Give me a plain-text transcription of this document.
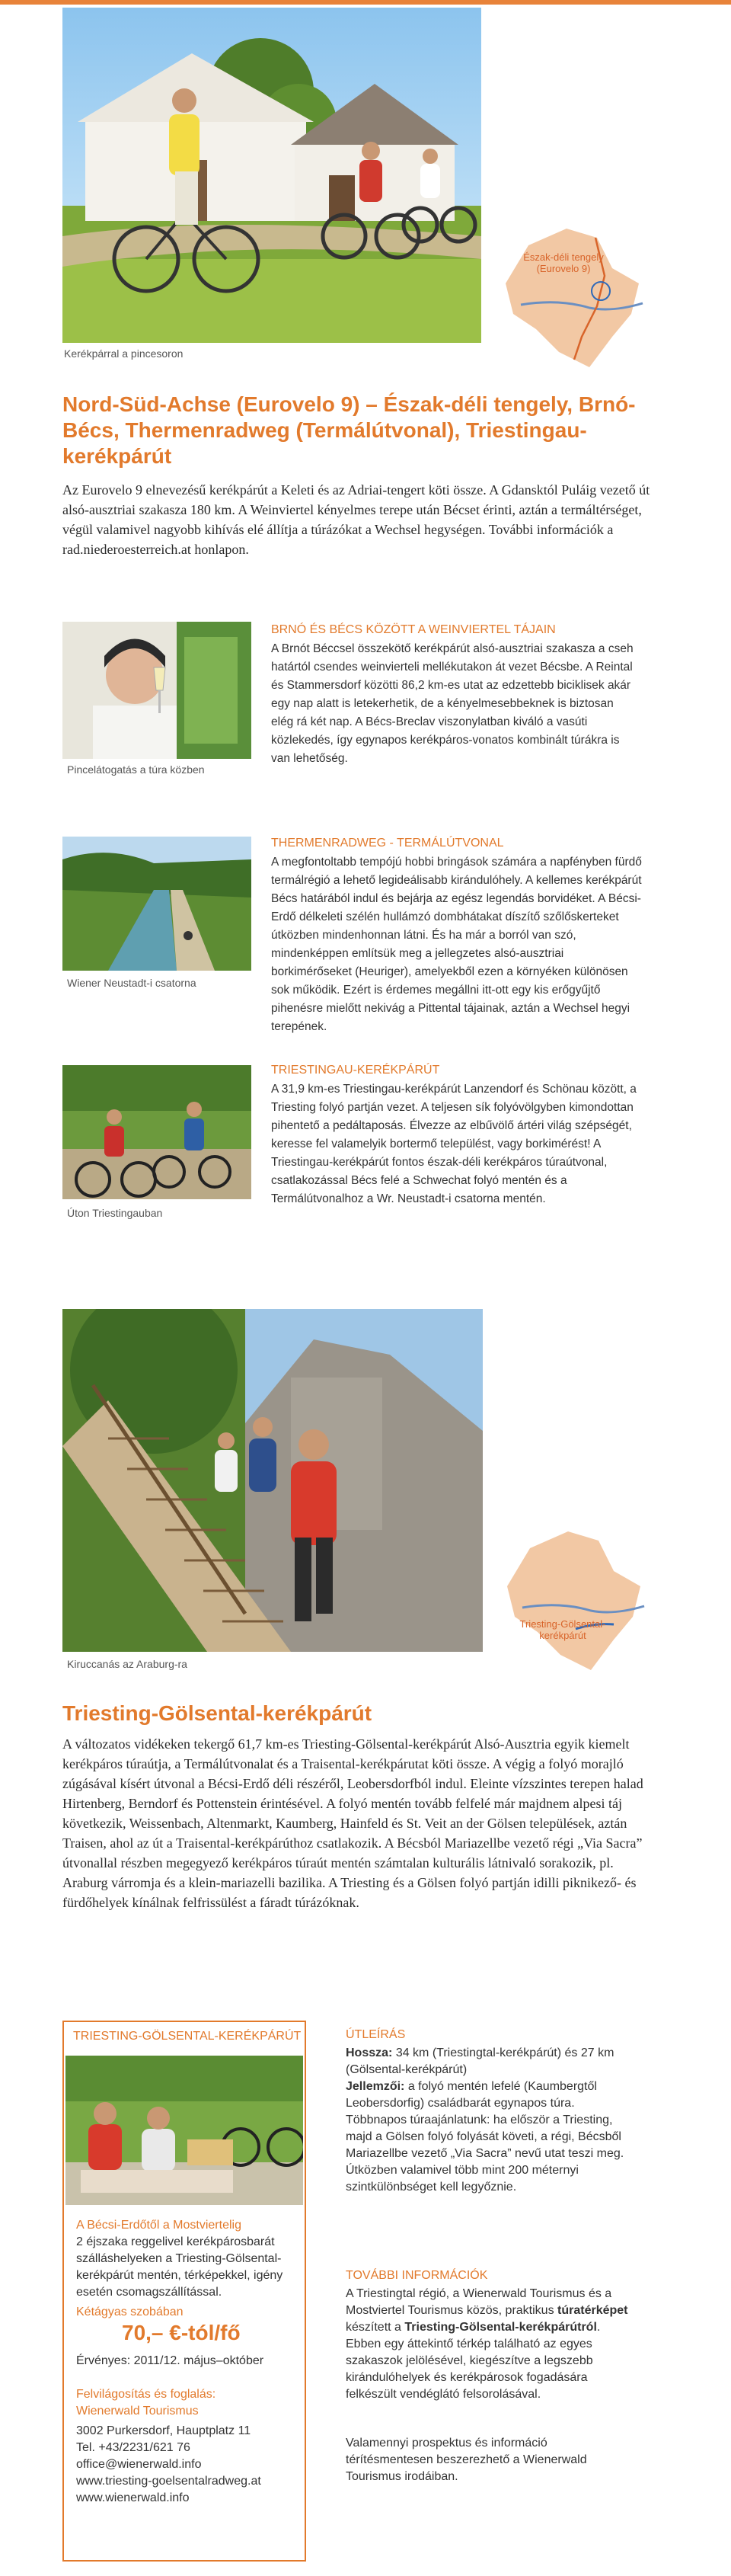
Kerékpárral a pincesoron
Észak-déli tengely (Eurovelo 9)
Nord-Süd-Achse (Eurovelo 9) – Észak-déli tengely, Brnó-Bécs, Thermenradweg (Termálútvonal), Triestingau-kerékpárút
Az Eurovelo 9 elnevezésű kerékpárút a Keleti és az Adriai-tengert köti össze. A Gdansktól Puláig vezető út alsó-ausztriai szakasza 180 km. A Weinviertel kényelmes terepe után Bécset érinti, aztán a termáltérséget, végül valamivel nagyobb kihívás elé állítja a túrázókat a Wechsel hegységen. További információk a rad.niederoesterreich.at honlapon.
Pincelátogatás a túra közben
BRNÓ ÉS BÉCS KÖZÖTT A WEINVIERTEL TÁJAIN
A Brnót Béccsel összekötő kerékpárút alsó-ausztriai szakasza a cseh határtól csendes weinvierteli mellékutakon át vezet Bécsbe. A Reintal és Stammersdorf közötti 86,2 km-es utat az edzettebb biciklisek akár egy nap alatt is letekerhetik, de a kényelmesebbeknek is biztosan elég rá két nap. A Bécs-Breclav viszonylatban kiváló a vasúti közlekedés, így egynapos kerékpáros-vonatos kombinált túrákra is van lehetőség.
Wiener Neustadt-i csatorna
Úton Triestingauban
THERMENRADWEG - TERMÁLÚTVONAL
A megfontoltabb tempójú hobbi bringások számára a napfényben fürdő termálrégió a lehető legideálisabb kirándulóhely. A kellemes kerékpárút Bécs határából indul és bejárja az egész legendás borvidéket. A Bécsi-Erdő délkeleti szélén hullámzó dombhátakat díszítő szőlőskerteket útközben mindenhonnan látni. És ha már a borról van szó, mindenképpen említsük meg a jellegzetes alsó-ausztriai borkimérőseket (Heuriger), amelyekből ezen a környéken különösen sok működik. Ezért is érdemes megállni itt-ott egy kis erőgyűjtő pihenésre mielőtt nekivág a Pittental tájainak, aztán a Wechsel hegyi terepének.
TRIESTINGAU-KERÉKPÁRÚT
A 31,9 km-es Triestingau-kerékpárút Lanzendorf és Schönau között, a Triesting folyó partján vezet. A teljesen sík folyóvölgyben kimondottan pihentető a pedáltaposás. Élvezze az elbűvölő ártéri világ szépségét, keresse fel valamelyik bortermő települést, vagy borkimérést! A Triestingau-kerékpárút fontos észak-déli kerékpáros túraútvonal, csatlakozással Bécs felé a Schwechat folyó mentén és a Termálútvonalhoz a Wr. Neustadt-i csatorna mentén.
Kiruccanás az Araburg-ra
Triesting-Gölsental-kerékpárút
Triesting-Gölsental-kerékpárút
A változatos vidékeken tekergő 61,7 km-es Triesting-Gölsental-kerékpárút Alsó-Ausztria egyik kiemelt kerékpáros túraútja, a Termálútvonalat és a Traisental-kerékpárutat köti össze. A végig a folyó morajló zúgásával kísért útvonal a Bécsi-Erdő déli részéről, Leobersdorfból indul. Eleinte vízszintes terepen halad Hirtenberg, Berndorf és Pottenstein érintésével. A folyó mentén tovább felfelé már majdnem alpesi táj következik, Weissenbach, Altenmarkt, Kaumberg, Hainfeld és St. Veit an der Gölsen települések, aztán Traisen, ahol az út a Traisental-kerékpárúthoz csatlakozik. A Bécsból Mariazellbe vezető régi „Via Sacra” útvonallal részben megegyező kerékpáros túraút mentén számtalan kulturális látnivaló sorakozik, pl. Araburg várromja és a klein-mariazelli bazilika. A Triesting és a Gölsen folyó partján idilli piknikező- és fürdőhelyek kínálnak felfrissülést a fáradt túrázóknak.
TRIESTING-GÖLSENTAL-KERÉKPÁRÚT
A Bécsi-Erdőtől a Mostviertelig
2 éjszaka reggelivel kerékpárosbarát szálláshelyeken a Triesting-Gölsental-kerékpárút mentén, térképekkel, igény esetén csomagszállítással.
Kétágyas szobában
70,– €-tól/fő
Érvényes: 2011/12. május–október
Felvilágosítás és foglalás:
Wienerwald Tourismus
3002 Purkersdorf, Hauptplatz 11
Tel. +43/2231/621 76
office@wienerwald.info
www.triesting-goelsentalradweg.at
www.wienerwald.info
ÚTLEÍRÁS
Hossza: 34 km (Triestingtal-kerékpárút) és 27 km (Gölsental-kerékpárút)
Jellemzői: a folyó mentén lefelé (Kaumbergtől Leobersdorfig) családbarát egynapos túra. Többnapos túraajánlatunk: ha először a Triesting, majd a Gölsen folyó folyását követi, a régi, Bécsből Mariazellbe vezető „Via Sacra” nevű utat teszi meg. Útközben valamivel több mint 200 méternyi szintkülönbséget kell legyőznie.
TOVÁBBI INFORMÁCIÓK
A Triestingtal régió, a Wienerwald Tourismus és a Mostviertel Tourismus közös, praktikus túratérképet készített a Triesting-Gölsental-kerékpárútról. Ebben egy áttekintő térkép található az egyes szakaszok jelölésével, kiegészítve a legszebb kirándulóhelyek és kerékpárosok fogadására felkészült vendéglátó felsorolásával.
Valamennyi prospektus és információ térítésmentesen beszerezhető a Wienerwald Tourismus irodáiban.
